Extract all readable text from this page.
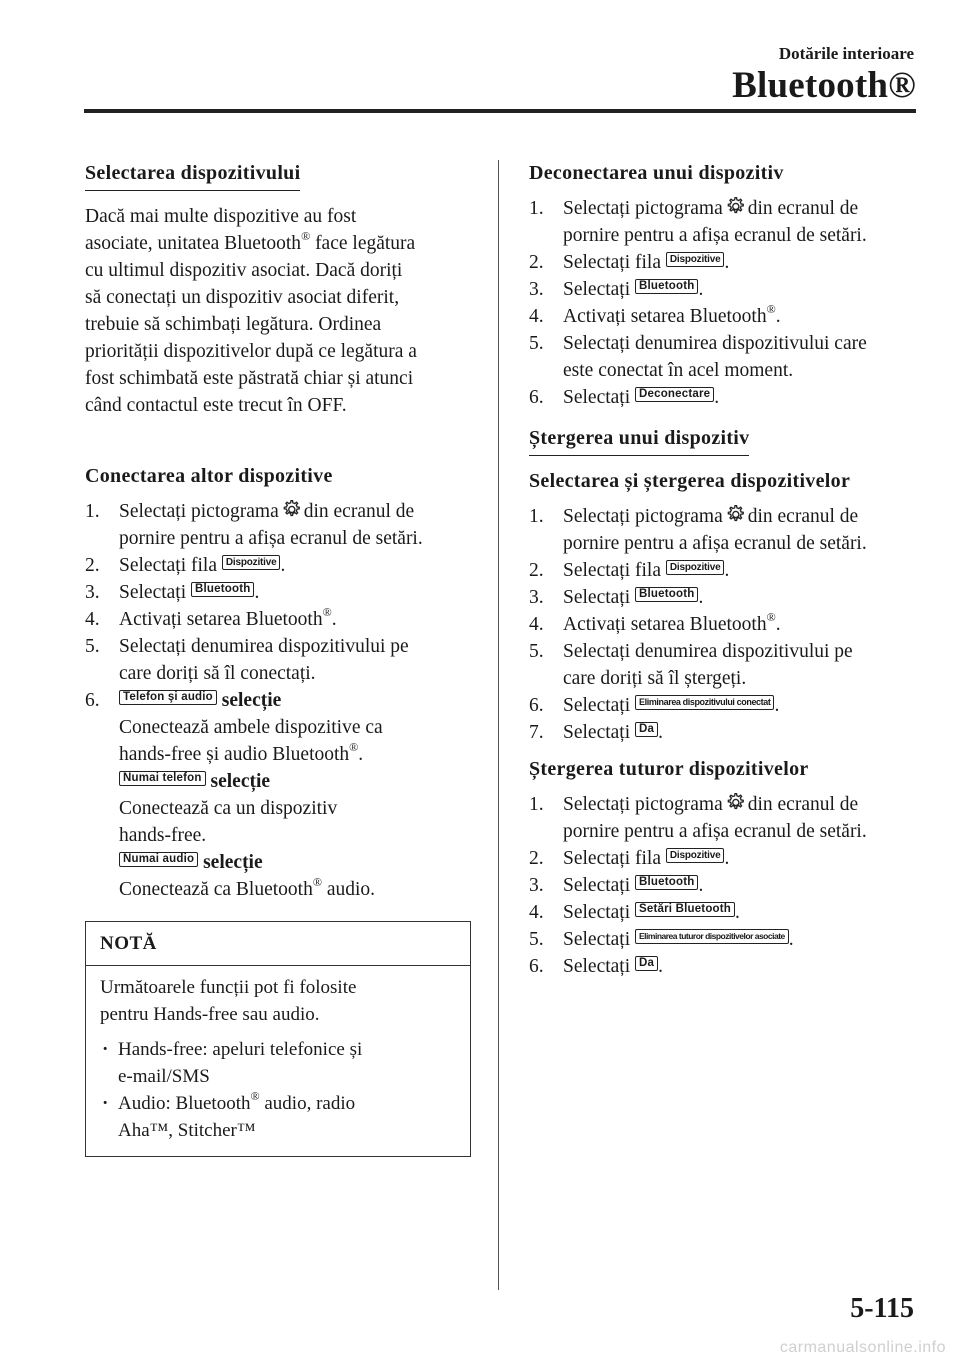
Dotările interioare
Bluetooth®
Selectarea dispozitivului

Dacă mai multe dispozitive au fost
asociate, unitatea Bluetooth® face legătura
cu ultimul dispozitiv asociat. Dacă doriți
să conectați un dispozitiv asociat diferit,
trebuie să schimbați legătura. Ordinea
priorității dispozitivelor după ce legătura a
fost schimbată este păstrată chiar și atunci
când contactul este trecut în OFF.

Conectarea altor dispozitive
1. Selectați pictograma din ecranul de
pornire pentru a afișa ecranul de setări.
2. Selectați fila Dispozitive .
3. Selectați Bluetooth .
4. Activați setarea Bluetooth®.
5. Selectați denumirea dispozitivului pe
care doriți să îl conectați.
6. Telefon şi audio selecție
Conectează ambele dispozitive ca
hands-free și audio Bluetooth®.
Numai telefon selecție
Conectează ca un dispozitiv
hands-free.
Numai audio selecție
Conectează ca Bluetooth® audio.
NOTĂ
Următoarele funcții pot fi folosite
pentru Hands-free sau audio.
· Hands-free: apeluri telefonice și
e-mail/SMS
· Audio: Bluetooth® audio, radio
Aha™, Stitcher™
Deconectarea unui dispozitiv
1. Selectați pictograma din ecranul de
pornire pentru a afișa ecranul de setări.
2. Selectați fila Dispozitive .
3. Selectați Bluetooth .
4. Activați setarea Bluetooth®.
5. Selectați denumirea dispozitivului care
este conectat în acel moment.
6. Selectați Deconectare .
Ștergerea unui dispozitiv
Selectarea și ștergerea dispozitivelor
1. Selectați pictograma din ecranul de
pornire pentru a afișa ecranul de setări.
2. Selectați fila Dispozitive .
3. Selectați Bluetooth .
4. Activați setarea Bluetooth®.
5. Selectați denumirea dispozitivului pe
care doriți să îl ștergeți.
6. Selectați Eliminarea dispozitivului conectat .
7. Selectați Da .
Ștergerea tuturor dispozitivelor
1. Selectați pictograma din ecranul de
pornire pentru a afișa ecranul de setări.
2. Selectați fila Dispozitive .
3. Selectați Bluetooth .
4. Selectați Setări Bluetooth .
5. Selectați Eliminarea tuturor dispozitivelor asociate .
6. Selectați Da .
5-115
carmanualsonline.info
